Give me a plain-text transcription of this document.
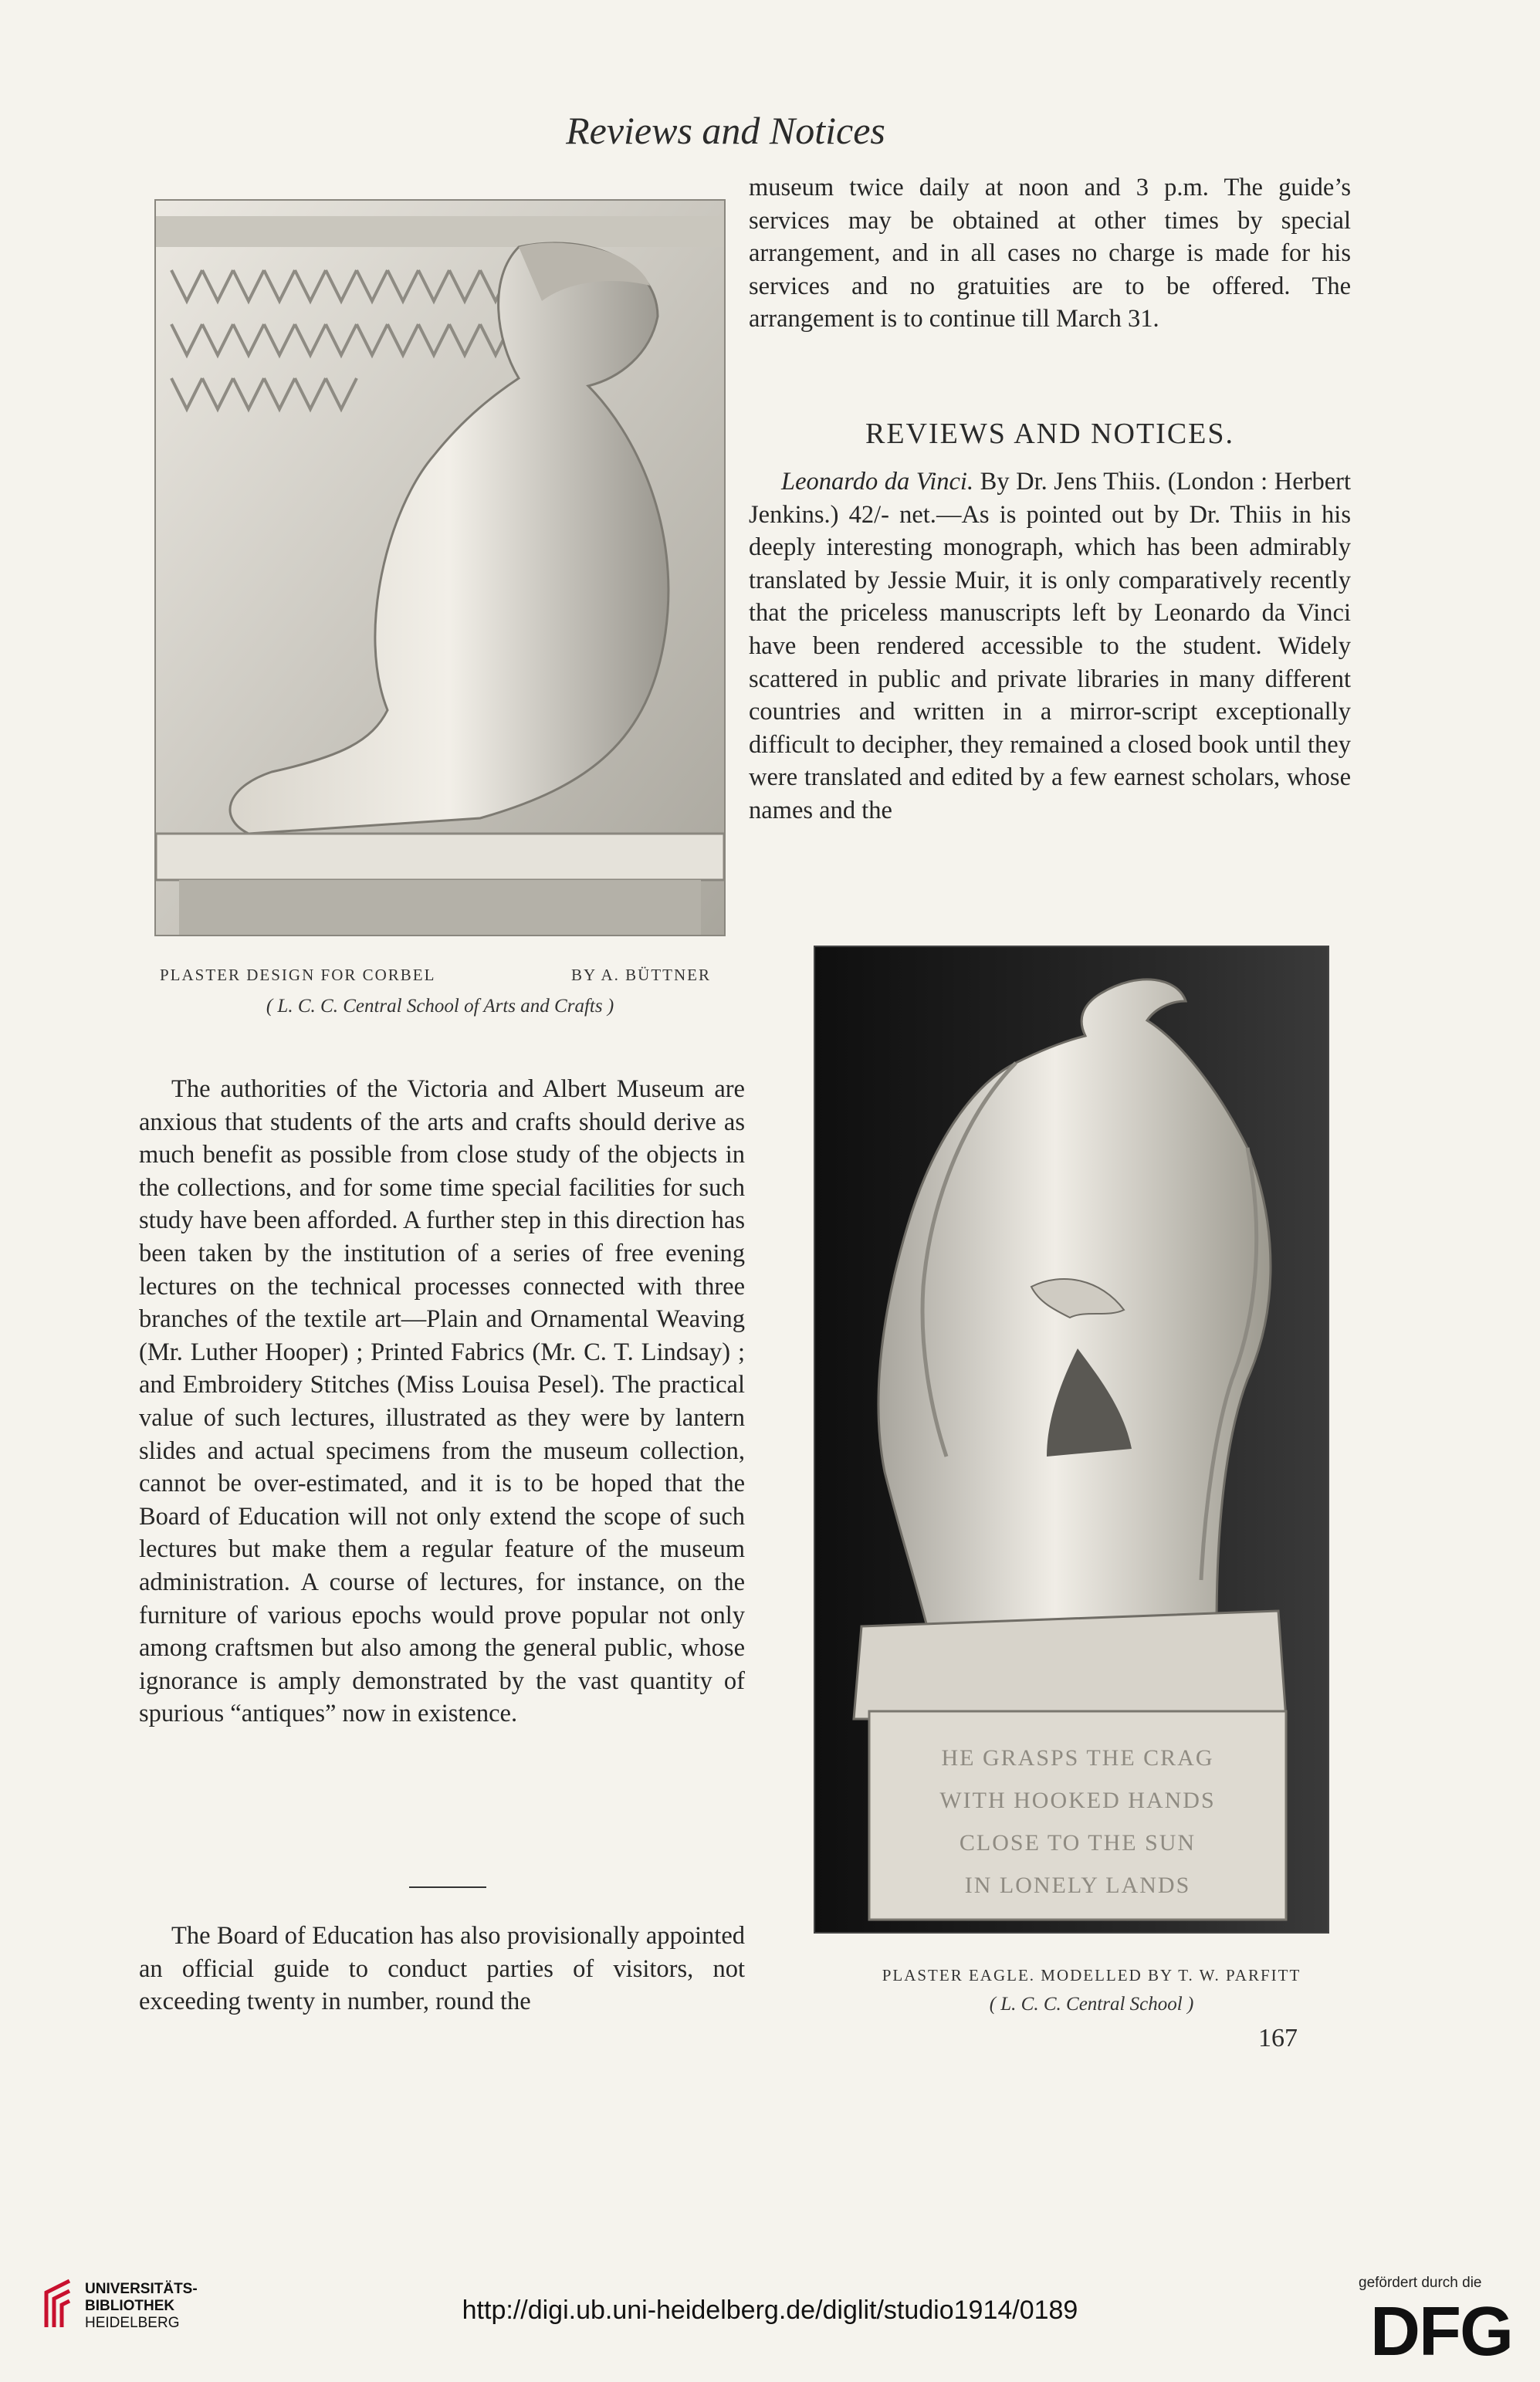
Reviews and Notices
PLASTER DESIGN FOR CORBEL	BY A. BÜTTNER
( L. C. C. Central School of Arts and Crafts )

museum twice daily at noon and 3 p.m. The guide’s services may be obtained at other times by special arrangement, and in all cases no charge is made for his services and no gratuities are to be offered. The arrangement is to continue till March 31.

REVIEWS AND NOTICES.

Leonardo da Vinci. By Dr. Jens Thiis. (London : Herbert Jenkins.) 42/- net.—As is pointed out by Dr. Thiis in his deeply interesting monograph, which has been admirably translated by Jessie Muir, it is only comparatively recently that the priceless manuscripts left by Leonardo da Vinci have been rendered accessible to the student. Widely scattered in public and private libraries in many different countries and written in a mirror-script exceptionally difficult to decipher, they remained a closed book until they were translated and edited by a few earnest scholars, whose names and the

The authorities of the Victoria and Albert Museum are anxious that students of the arts and crafts should derive as much benefit as possible from close study of the objects in the collections, and for some time special facilities for such study have been afforded. A further step in this direction has been taken by the institution of a series of free evening lectures on the technical processes connected with three branches of the textile art—Plain and Ornamental Weaving (Mr. Luther Hooper) ; Printed Fabrics (Mr. C. T. Lindsay) ; and Embroidery Stitches (Miss Louisa Pesel). The practical value of such lectures, illustrated as they were by lantern slides and actual specimens from the museum collection, cannot be over-estimated, and it is to be hoped that the Board of Education will not only extend the scope of such lectures but make them a regular feature of the museum administration. A course of lectures, for instance, on the furniture of various epochs would prove popular not only among craftsmen but also among the general public, whose ignorance is amply demonstrated by the vast quantity of spurious “antiques” now in existence.

The Board of Education has also provisionally appointed an official guide to conduct parties of visitors, not exceeding twenty in number, round the

HE GRASPS THE CRAG
WITH HOOKED HANDS
CLOSE TO THE SUN
IN LONELY LANDS
PLASTER EAGLE. MODELLED BY T. W. PARFITT
( L. C. C. Central School )
167
UNIVERSITÄTS-
BIBLIOTHEK
HEIDELBERG	http://digi.ub.uni-heidelberg.de/diglit/studio1914/0189
gefördert durch die
DFG
